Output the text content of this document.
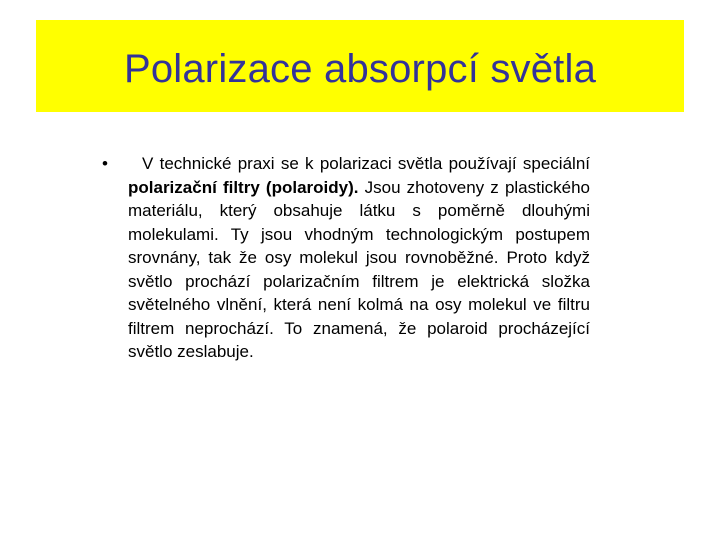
Polarizace absorpcí světla
•	V technické praxi se k polarizaci světla používají speciální polarizační filtry (polaroidy). Jsou zhotoveny z plastického materiálu, který obsahuje látku s poměrně dlouhými molekulami. Ty jsou vhodným technologickým postupem srovnány, tak že osy molekul jsou rovnoběžné. Proto když světlo prochází polarizačním filtrem je elektrická složka světelného vlnění, která není kolmá na osy molekul ve filtru filtrem neprochází. To znamená, že polaroid procházející světlo zeslabuje.
